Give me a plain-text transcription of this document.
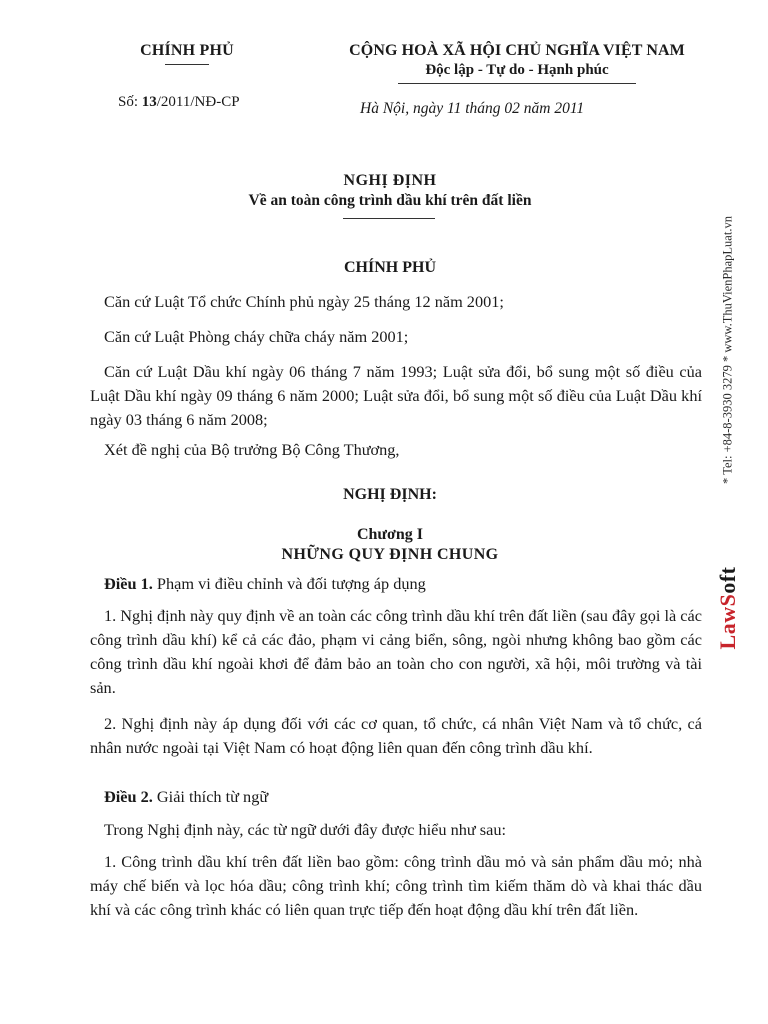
CHÍNH PHỦ
Số: 13/2011/NĐ-CP
CỘNG HOÀ XÃ HỘI CHỦ NGHĨA VIỆT NAM
Độc lập - Tự do - Hạnh phúc
Hà Nội, ngày 11 tháng 02 năm 2011
NGHỊ ĐỊNH
Về an toàn công trình dầu khí trên đất liền
CHÍNH PHỦ
Căn cứ Luật Tổ chức Chính phủ ngày 25 tháng 12 năm 2001;
Căn cứ Luật Phòng cháy chữa cháy năm 2001;
Căn cứ Luật Dầu khí ngày 06 tháng 7 năm 1993; Luật sửa đổi, bổ sung một số điều của Luật Dầu khí ngày 09 tháng 6 năm 2000; Luật sửa đổi, bổ sung một số điều của Luật Dầu khí ngày 03 tháng 6 năm 2008;
Xét đề nghị của Bộ trưởng Bộ Công Thương,
NGHỊ ĐỊNH:
Chương I
NHỮNG QUY ĐỊNH CHUNG
Điều 1. Phạm vi điều chỉnh và đối tượng áp dụng
1. Nghị định này quy định về an toàn các công trình dầu khí trên đất liền (sau đây gọi là các công trình dầu khí) kể cả các đảo, phạm vi cảng biển, sông, ngòi nhưng không bao gồm các công trình dầu khí ngoài khơi để đảm bảo an toàn cho con người, xã hội, môi trường và tài sản.
2. Nghị định này áp dụng đối với các cơ quan, tổ chức, cá nhân Việt Nam và tổ chức, cá nhân nước ngoài tại Việt Nam có hoạt động liên quan đến công trình dầu khí.
Điều 2. Giải thích từ ngữ
Trong Nghị định này, các từ ngữ dưới đây được hiểu như sau:
1. Công trình dầu khí trên đất liền bao gồm: công trình dầu mỏ và sản phẩm dầu mỏ; nhà máy chế biến và lọc hóa dầu; công trình khí; công trình tìm kiếm thăm dò và khai thác dầu khí và các công trình khác có liên quan trực tiếp đến hoạt động dầu khí trên đất liền.
* Tel: +84-8-3930 3279 * www.ThuVienPhapLuat.vn
LawSoft
